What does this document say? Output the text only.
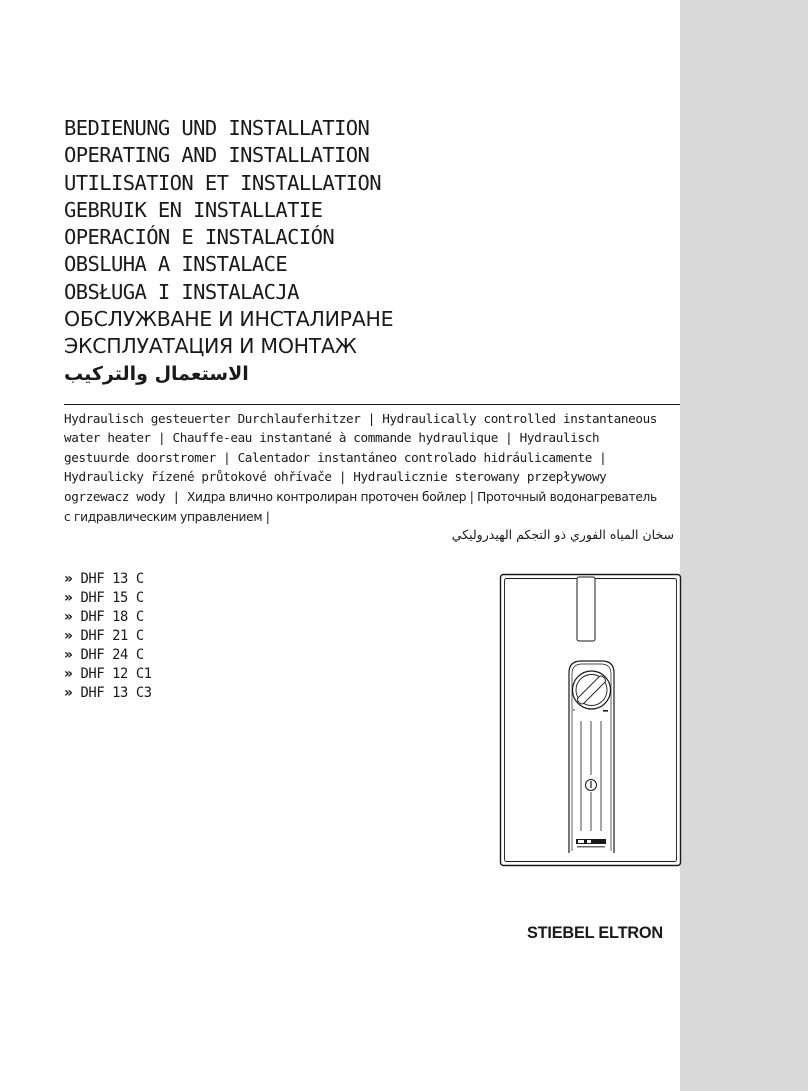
BEDIENUNG UND INSTALLATION
OPERATING AND INSTALLATION
UTILISATION ET INSTALLATION
GEBRUIK EN INSTALLATIE
OPERACIÓN E INSTALACIÓN
OBSLUHA A INSTALACE
OBSŁUGA I INSTALACJA
ОБСЛУЖВАНЕ И ИНСТАЛИРАНЕ
ЭКСПЛУАТАЦИЯ И МОНТАЖ
الاستعمال والتركيب
Hydraulisch gesteuerter Durchlauferhitzer | Hydraulically controlled instantaneous
water heater | Chauffe-eau instantané à commande hydraulique | Hydraulisch
gestuurde doorstromer | Calentador instantáneo controlado hidráulicamente |
Hydraulicky řízené průtokové ohřívače | Hydraulicznie sterowany przepływowy
ogrzewacz wody | Хидра влично контролиран проточен бойлер | Проточный водонагреватель
с гидравлическим управлением |
سخان المياه الفوري ذو التجكم الهيدروليكي
» DHF 13 C
» DHF 15 C
» DHF 18 C
» DHF 21 C
» DHF 24 C
» DHF 12 C1
» DHF 13 C3
STIEBEL ELTRON
